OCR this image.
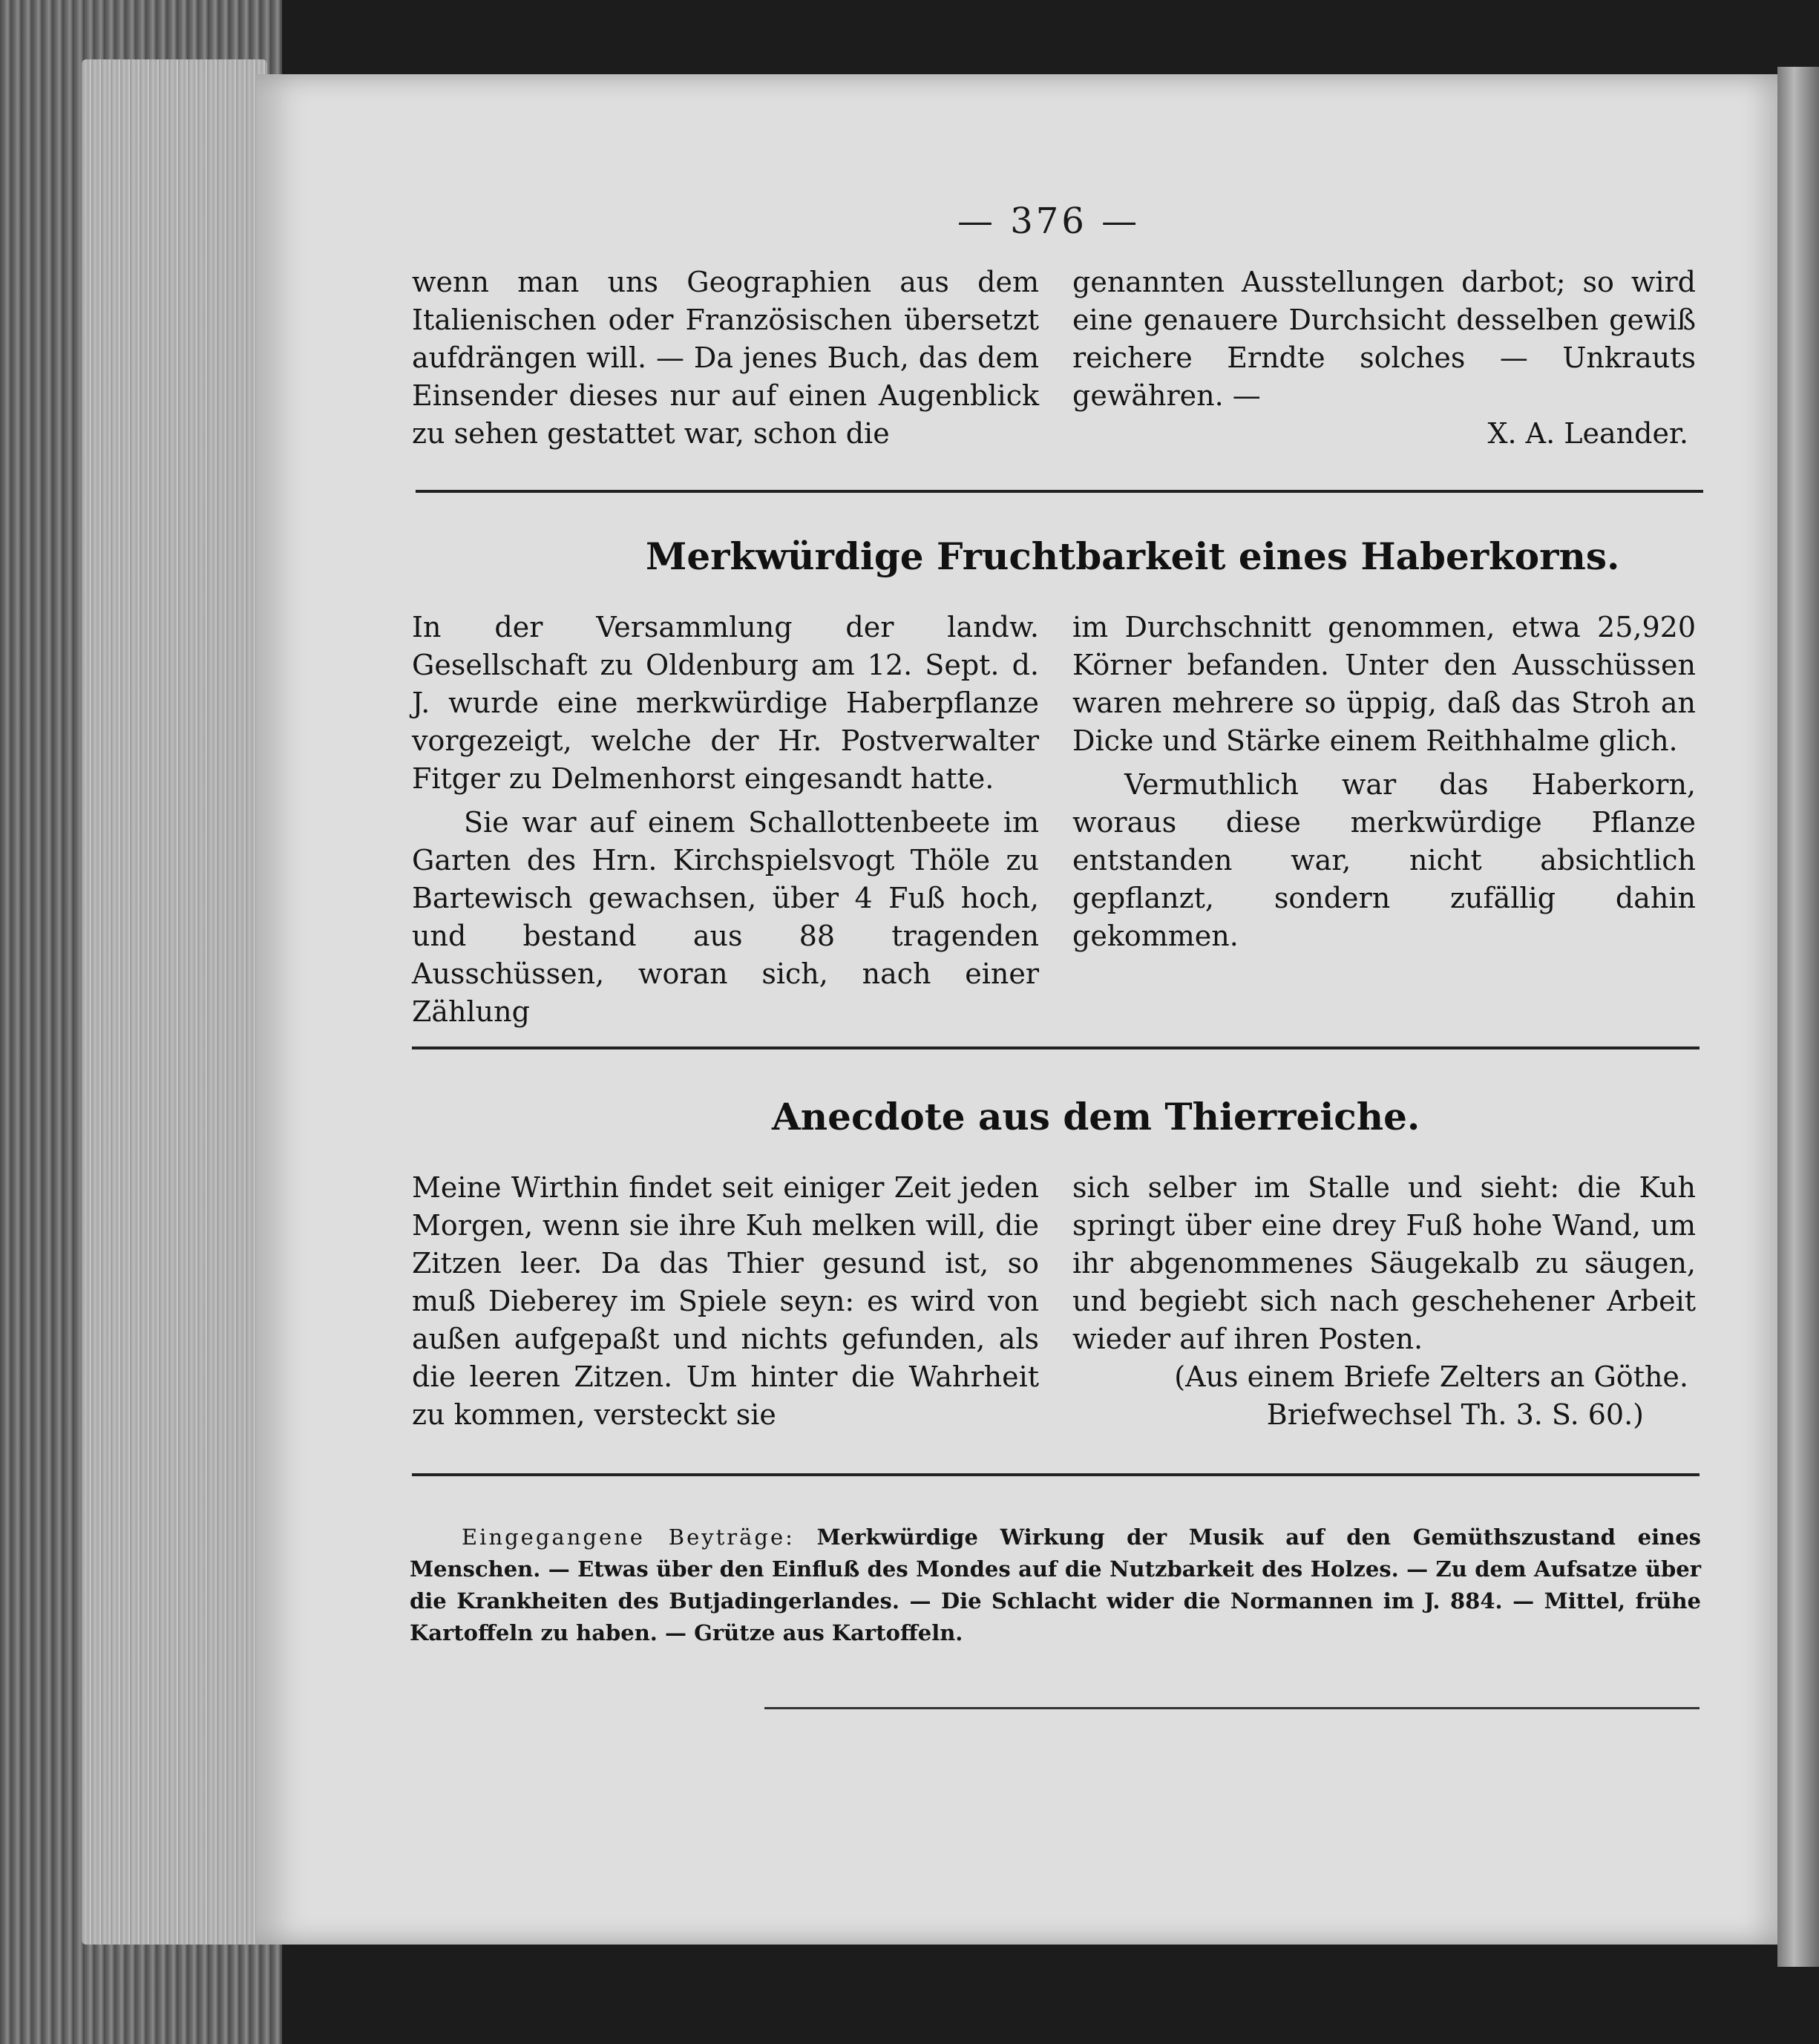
— 376 —

wenn man uns Geographien aus dem Italienischen oder Französischen übersetzt aufdrängen will. — Da jenes Buch, das dem Einsender dieses nur auf einen Augenblick zu sehen gestattet war, schon die

genannten Ausstellungen darbot; so wird eine genauere Durchsicht desselben gewiß reichere Erndte solches — Unkrauts gewähren. —

X. A. Leander.

Merkwürdige Fruchtbarkeit eines Haberkorns.

In der Versammlung der landw. Gesellschaft zu Oldenburg am 12. Sept. d. J. wurde eine merkwürdige Haberpflanze vorgezeigt, welche der Hr. Postverwalter Fitger zu Delmenhorst eingesandt hatte.

Sie war auf einem Schallottenbeete im Garten des Hrn. Kirchspielsvogt Thöle zu Bartewisch gewachsen, über 4 Fuß hoch, und bestand aus 88 tragenden Ausschüssen, woran sich, nach einer Zählung

im Durchschnitt genommen, etwa 25,920 Körner befanden. Unter den Ausschüssen waren mehrere so üppig, daß das Stroh an Dicke und Stärke einem Reithhalme glich.

Vermuthlich war das Haberkorn, woraus diese merkwürdige Pflanze entstanden war, nicht absichtlich gepflanzt, sondern zufällig dahin gekommen.

Anecdote aus dem Thierreiche.

Meine Wirthin findet seit einiger Zeit jeden Morgen, wenn sie ihre Kuh melken will, die Zitzen leer. Da das Thier gesund ist, so muß Dieberey im Spiele seyn: es wird von außen aufgepaßt und nichts gefunden, als die leeren Zitzen. Um hinter die Wahrheit zu kommen, versteckt sie

sich selber im Stalle und sieht: die Kuh springt über eine drey Fuß hohe Wand, um ihr abgenommenes Säugekalb zu säugen, und begiebt sich nach geschehener Arbeit wieder auf ihren Posten.

(Aus einem Briefe Zelters an Göthe.

Briefwechsel Th. 3. S. 60.)

Eingegangene Beyträge: Merkwürdige Wirkung der Musik auf den Gemüthszustand eines Menschen. — Etwas über den Einfluß des Mondes auf die Nutzbarkeit des Holzes. — Zu dem Aufsatze über die Krankheiten des Butjadingerlandes. — Die Schlacht wider die Normannen im J. 884. — Mittel, frühe Kartoffeln zu haben. — Grütze aus Kartoffeln.
